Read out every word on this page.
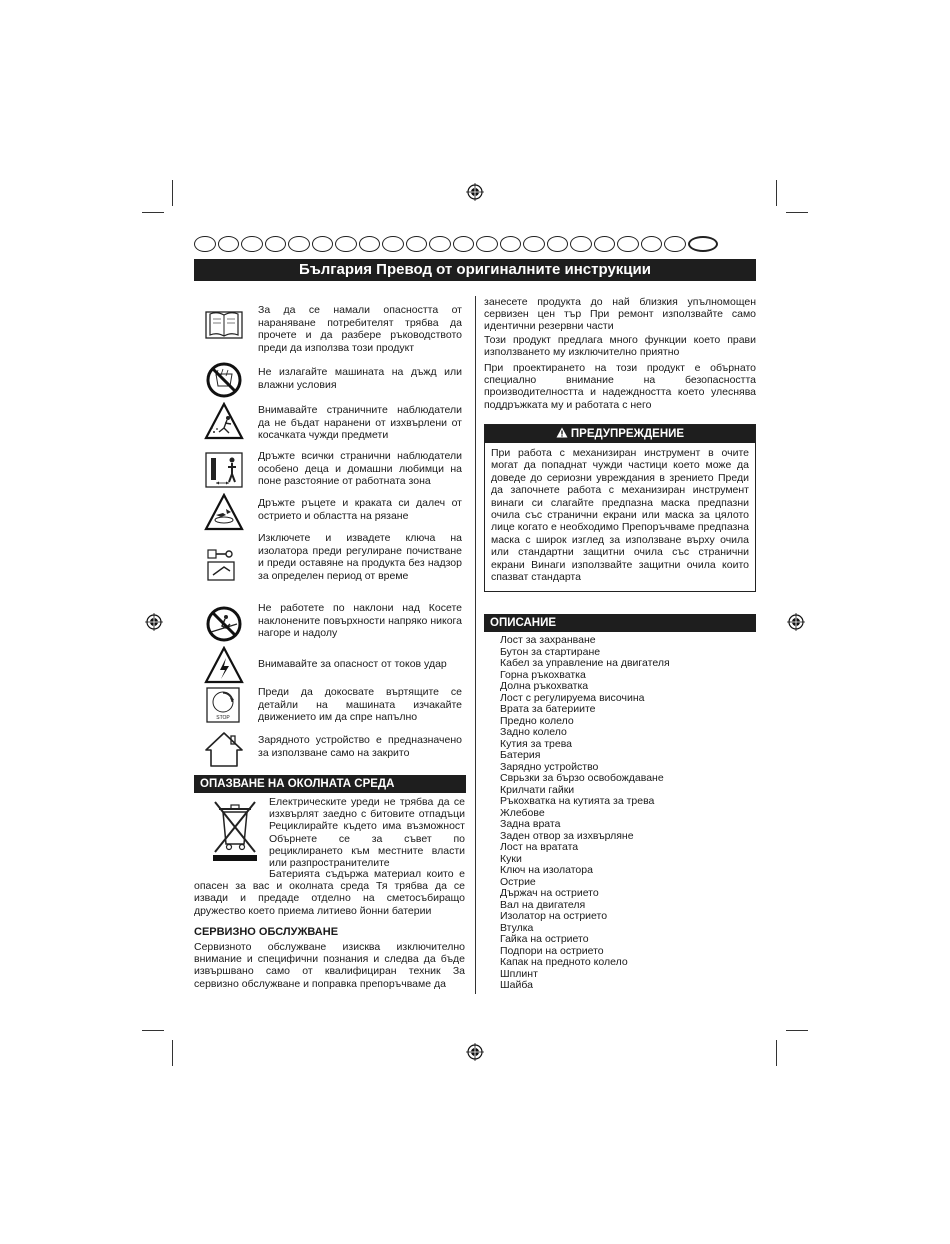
България Превод от оригиналните инструкции
За да се намали опасността от нараняване потребителят трябва да прочете и да разбере ръководството преди да използва този продукт
Не излагайте машината на дъжд или влажни условия
Внимавайте страничните наблюдатели да не бъдат наранени от изхвърлени от косачката чужди предмети
Дръжте всички странични наблюдатели особено деца и домашни любимци на поне разстояние от работната зона
Дръжте ръцете и краката си далеч от острието и областта на рязане
Изключете и извадете ключа на изолатора преди регулиране почистване и преди оставяне на продукта без надзор за определен период от време
Не работете по наклони над Косете наклонените повърхности напряко никога нагоре и надолу
Внимавайте за опасност от токов удар
STOP
Преди да докосвате въртящите се детайли на машината изчакайте движението им да спре напълно
Зарядното устройство е предназначено за използване само на закрито
ОПАЗВАНЕ НА ОКОЛНАТА СРЕДА
Електрическите уреди не трябва да се изхвърлят заедно с битовите отпадъци Рециклирайте където има възможност Обърнете се за съвет по рециклирането към местните власти или разпространителите
Батерията съдържа материал които е опасен за вас и околната среда Тя трябва да се извади и предаде отделно на сметосъбиращо дружество което приема литиево йонни батерии
СЕРВИЗНО ОБСЛУЖВАНЕ
Сервизното обслужване изисква изключително внимание и специфични познания и следва да бъде извършвано само от квалифициран техник За сервизно обслужване и поправка препоръчваме да
занесете продукта до най близкия упълномощен сервизен цен тър При ремонт използвайте само идентични резервни части
Този продукт предлага много функции което прави използването му изключително приятно
При проектирането на този продукт е обърнато специално внимание на безопасността производителността и надеждността което улеснява поддръжката му и работата с него
ПРЕДУПРЕЖДЕНИЕ
При работа с механизиран инструмент в очите могат да попаднат чужди частици което може да доведе до сериозни увреждания в зрението Преди да започнете работа с механизиран инструмент винаги си слагайте предпазна маска предпазни очила със странични екрани или маска за цялото лице когато е необходимо Препоръчваме предпазна маска с широк изглед за използване върху очила или стандартни защитни очила със странични екрани Винаги използвайте защитни очила които спазват стандарта
ОПИСАНИЕ
Лост за захранване
Бутон за стартиране
Кабел за управление на двигателя
Горна ръкохватка
Долна ръкохватка
Лост с регулируема височина
Врата за батериите
Предно колело
Задно колело
Кутия за трева
Батерия
Зарядно устройство
Сврьзки за бързо освобождаване
Крилчати гайки
Ръкохватка на кутията за трева
Жлебове
Задна врата
Заден отвор за изхвърляне
Лост на вратата
Куки
Ключ на изолатора
Острие
Държач на острието
Вал на двигателя
Изолатор на острието
Втулка
Гайка на острието
Подпори на острието
Капак на предното колело
Шплинт
Шайба
